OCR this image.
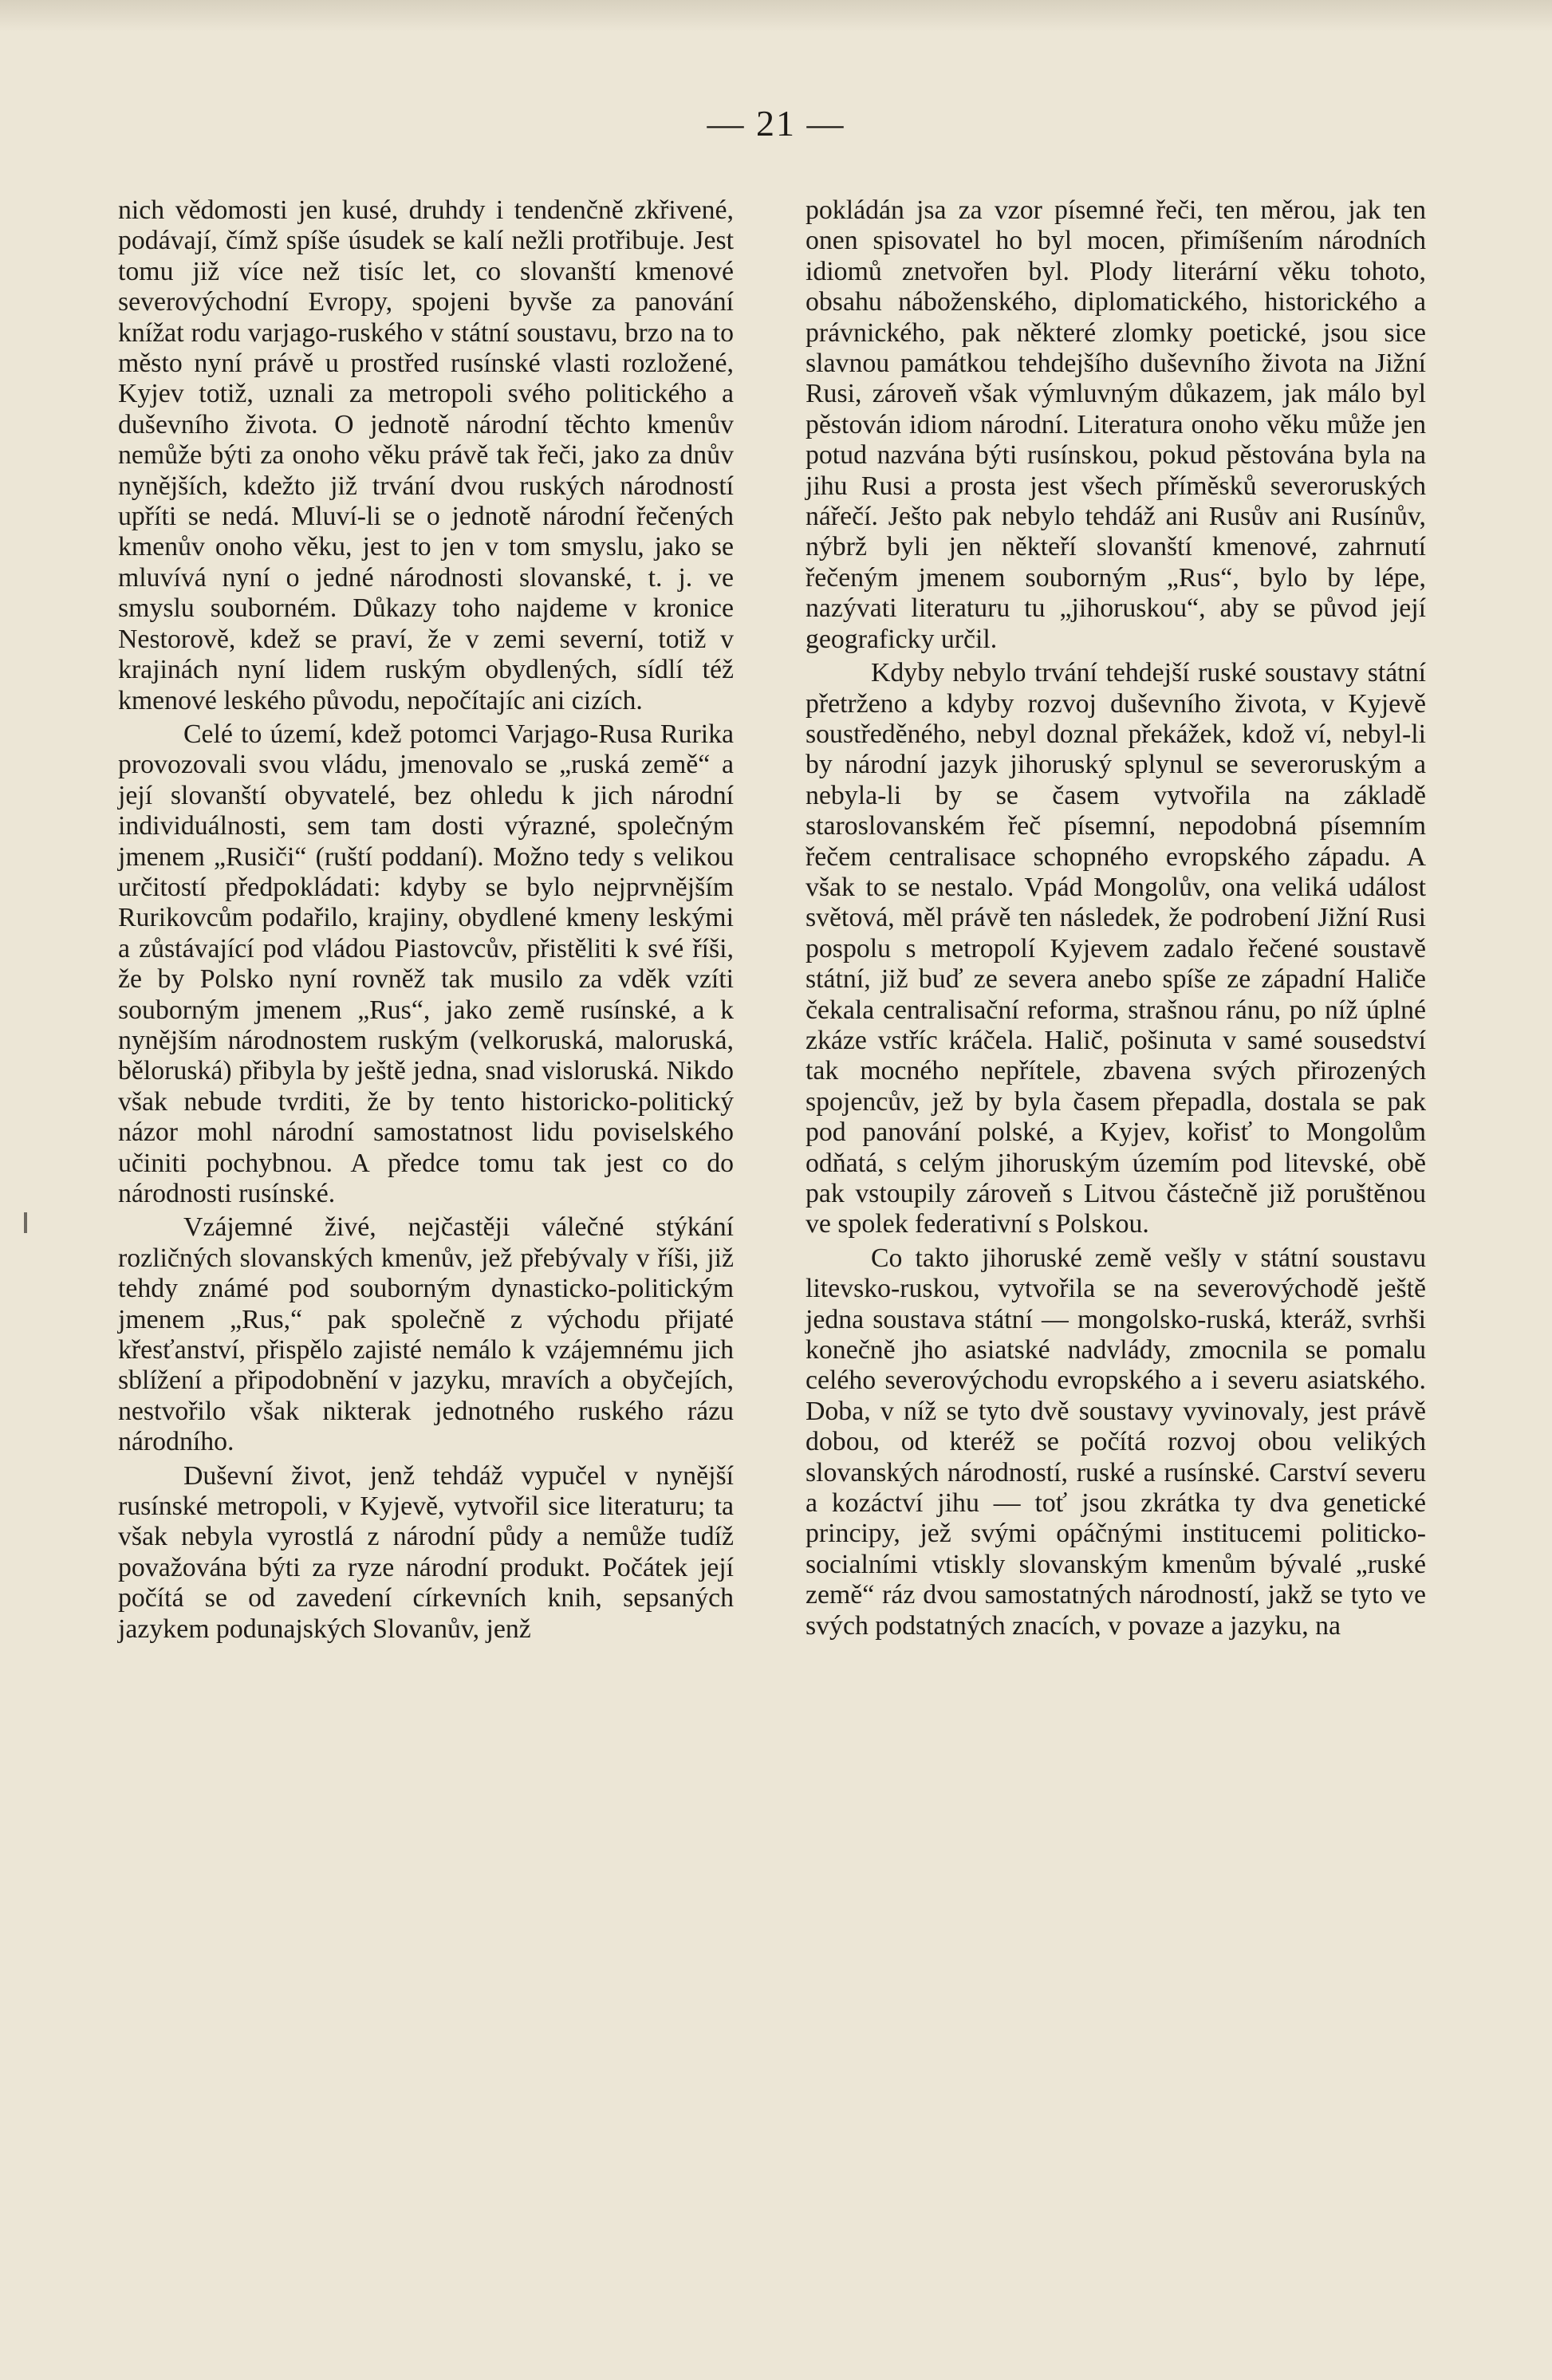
— 21 —

nich vědomosti jen kusé, druhdy i tendenčně zkřivené, podávají, čímž spíše úsudek se kalí nežli protřibuje. Jest tomu již více než tisíc let, co slovanští kmenové severovýchodní Evropy, spojeni byvše za panování knížat rodu varjago-ruského v státní soustavu, brzo na to město nyní právě u prostřed rusínské vlasti rozložené, Kyjev totiž, uznali za metropoli svého politického a duševního života. O jednotě národní těchto kmenův nemůže býti za onoho věku právě tak řeči, jako za dnův nynějších, kdežto již trvání dvou ruských národností upříti se nedá. Mluví-li se o jednotě národní řečených kmenův onoho věku, jest to jen v tom smyslu, jako se mluvívá nyní o jedné národnosti slovanské, t. j. ve smyslu souborném. Důkazy toho najdeme v kronice Nestorově, kdež se praví, že v zemi severní, totiž v krajinách nyní lidem ruským obydlených, sídlí též kmenové leského původu, nepočítajíc ani cizích.

Celé to území, kdež potomci Varjago-Rusa Rurika provozovali svou vládu, jmenovalo se „ruská země“ a její slovanští obyvatelé, bez ohledu k jich národní individuálnosti, sem tam dosti výrazné, společným jmenem „Rusiči“ (ruští poddaní). Možno tedy s velikou určitostí předpokládati: kdyby se bylo nejprvnějším Rurikovcům podařilo, krajiny, obydlené kmeny leskými a zůstávající pod vládou Piastovcův, přistěliti k své říši, že by Polsko nyní rovněž tak musilo za vděk vzíti souborným jmenem „Rus“, jako země rusínské, a k nynějším národnostem ruským (velkoruská, maloruská, běloruská) přibyla by ještě jedna, snad visloruská. Nikdo však nebude tvrditi, že by tento historicko-politický názor mohl národní samostatnost lidu poviselského učiniti pochybnou. A předce tomu tak jest co do národnosti rusínské.

Vzájemné živé, nejčastěji válečné stýkání rozličných slovanských kmenův, jež přebývaly v říši, již tehdy známé pod souborným dynasticko-politickým jmenem „Rus,“ pak společně z východu přijaté křesťanství, přispělo zajisté nemálo k vzájemnému jich sblížení a připodobnění v jazyku, mravích a obyčejích, nestvořilo však nikterak jednotného ruského rázu národního.

Duševní život, jenž tehdáž vypučel v nynější rusínské metropoli, v Kyjevě, vytvořil sice literaturu; ta však nebyla vyrostlá z národní půdy a nemůže tudíž považována býti za ryze národní produkt. Počátek její počítá se od zavedení církevních knih, sepsaných jazykem podunajských Slovanův, jenž

pokládán jsa za vzor písemné řeči, ten měrou, jak ten onen spisovatel ho byl mocen, přimíšením národních idiomů znetvořen byl. Plody literární věku tohoto, obsahu náboženského, diplomatického, historického a právnického, pak některé zlomky poetické, jsou sice slavnou památkou tehdejšího duševního života na Jižní Rusi, zároveň však výmluvným důkazem, jak málo byl pěstován idiom národní. Literatura onoho věku může jen potud nazvána býti rusínskou, pokud pěstována byla na jihu Rusi a prosta jest všech příměsků severoruských nářečí. Ješto pak nebylo tehdáž ani Rusův ani Rusínův, nýbrž byli jen někteří slovanští kmenové, zahrnutí řečeným jmenem souborným „Rus“, bylo by lépe, nazývati literaturu tu „jihoruskou“, aby se původ její geograficky určil.

Kdyby nebylo trvání tehdejší ruské soustavy státní přetrženo a kdyby rozvoj duševního života, v Kyjevě soustředěného, nebyl doznal překážek, kdož ví, nebyl-li by národní jazyk jihoruský splynul se severoruským a nebyla-li by se časem vytvořila na základě staroslovanském řeč písemní, nepodobná písemním řečem centralisace schopného evropského západu. A však to se nestalo. Vpád Mongolův, ona veliká událost světová, měl právě ten následek, že podrobení Jižní Rusi pospolu s metropolí Kyjevem zadalo řečené soustavě státní, již buď ze severa anebo spíše ze západní Haliče čekala centralisační reforma, strašnou ránu, po níž úplné zkáze vstříc kráčela. Halič, pošinuta v samé sousedství tak mocného nepřítele, zbavena svých přirozených spojencův, jež by byla časem přepadla, dostala se pak pod panování polské, a Kyjev, kořisť to Mongolům odňatá, s celým jihoruským územím pod litevské, obě pak vstoupily zároveň s Litvou částečně již poruštěnou ve spolek federativní s Polskou.

Co takto jihoruské země vešly v státní soustavu litevsko-ruskou, vytvořila se na severovýchodě ještě jedna soustava státní — mongolsko-ruská, kteráž, svrhši konečně jho asiatské nadvlády, zmocnila se pomalu celého severovýchodu evropského a i severu asiatského. Doba, v níž se tyto dvě soustavy vyvinovaly, jest právě dobou, od kteréž se počítá rozvoj obou velikých slovanských národností, ruské a rusínské. Carství severu a kozáctví jihu — toť jsou zkrátka ty dva genetické principy, jež svými opáčnými institucemi politicko-socialními vtiskly slovanským kmenům bývalé „ruské země“ ráz dvou samostatných národností, jakž se tyto ve svých podstatných znacích, v povaze a jazyku, na
